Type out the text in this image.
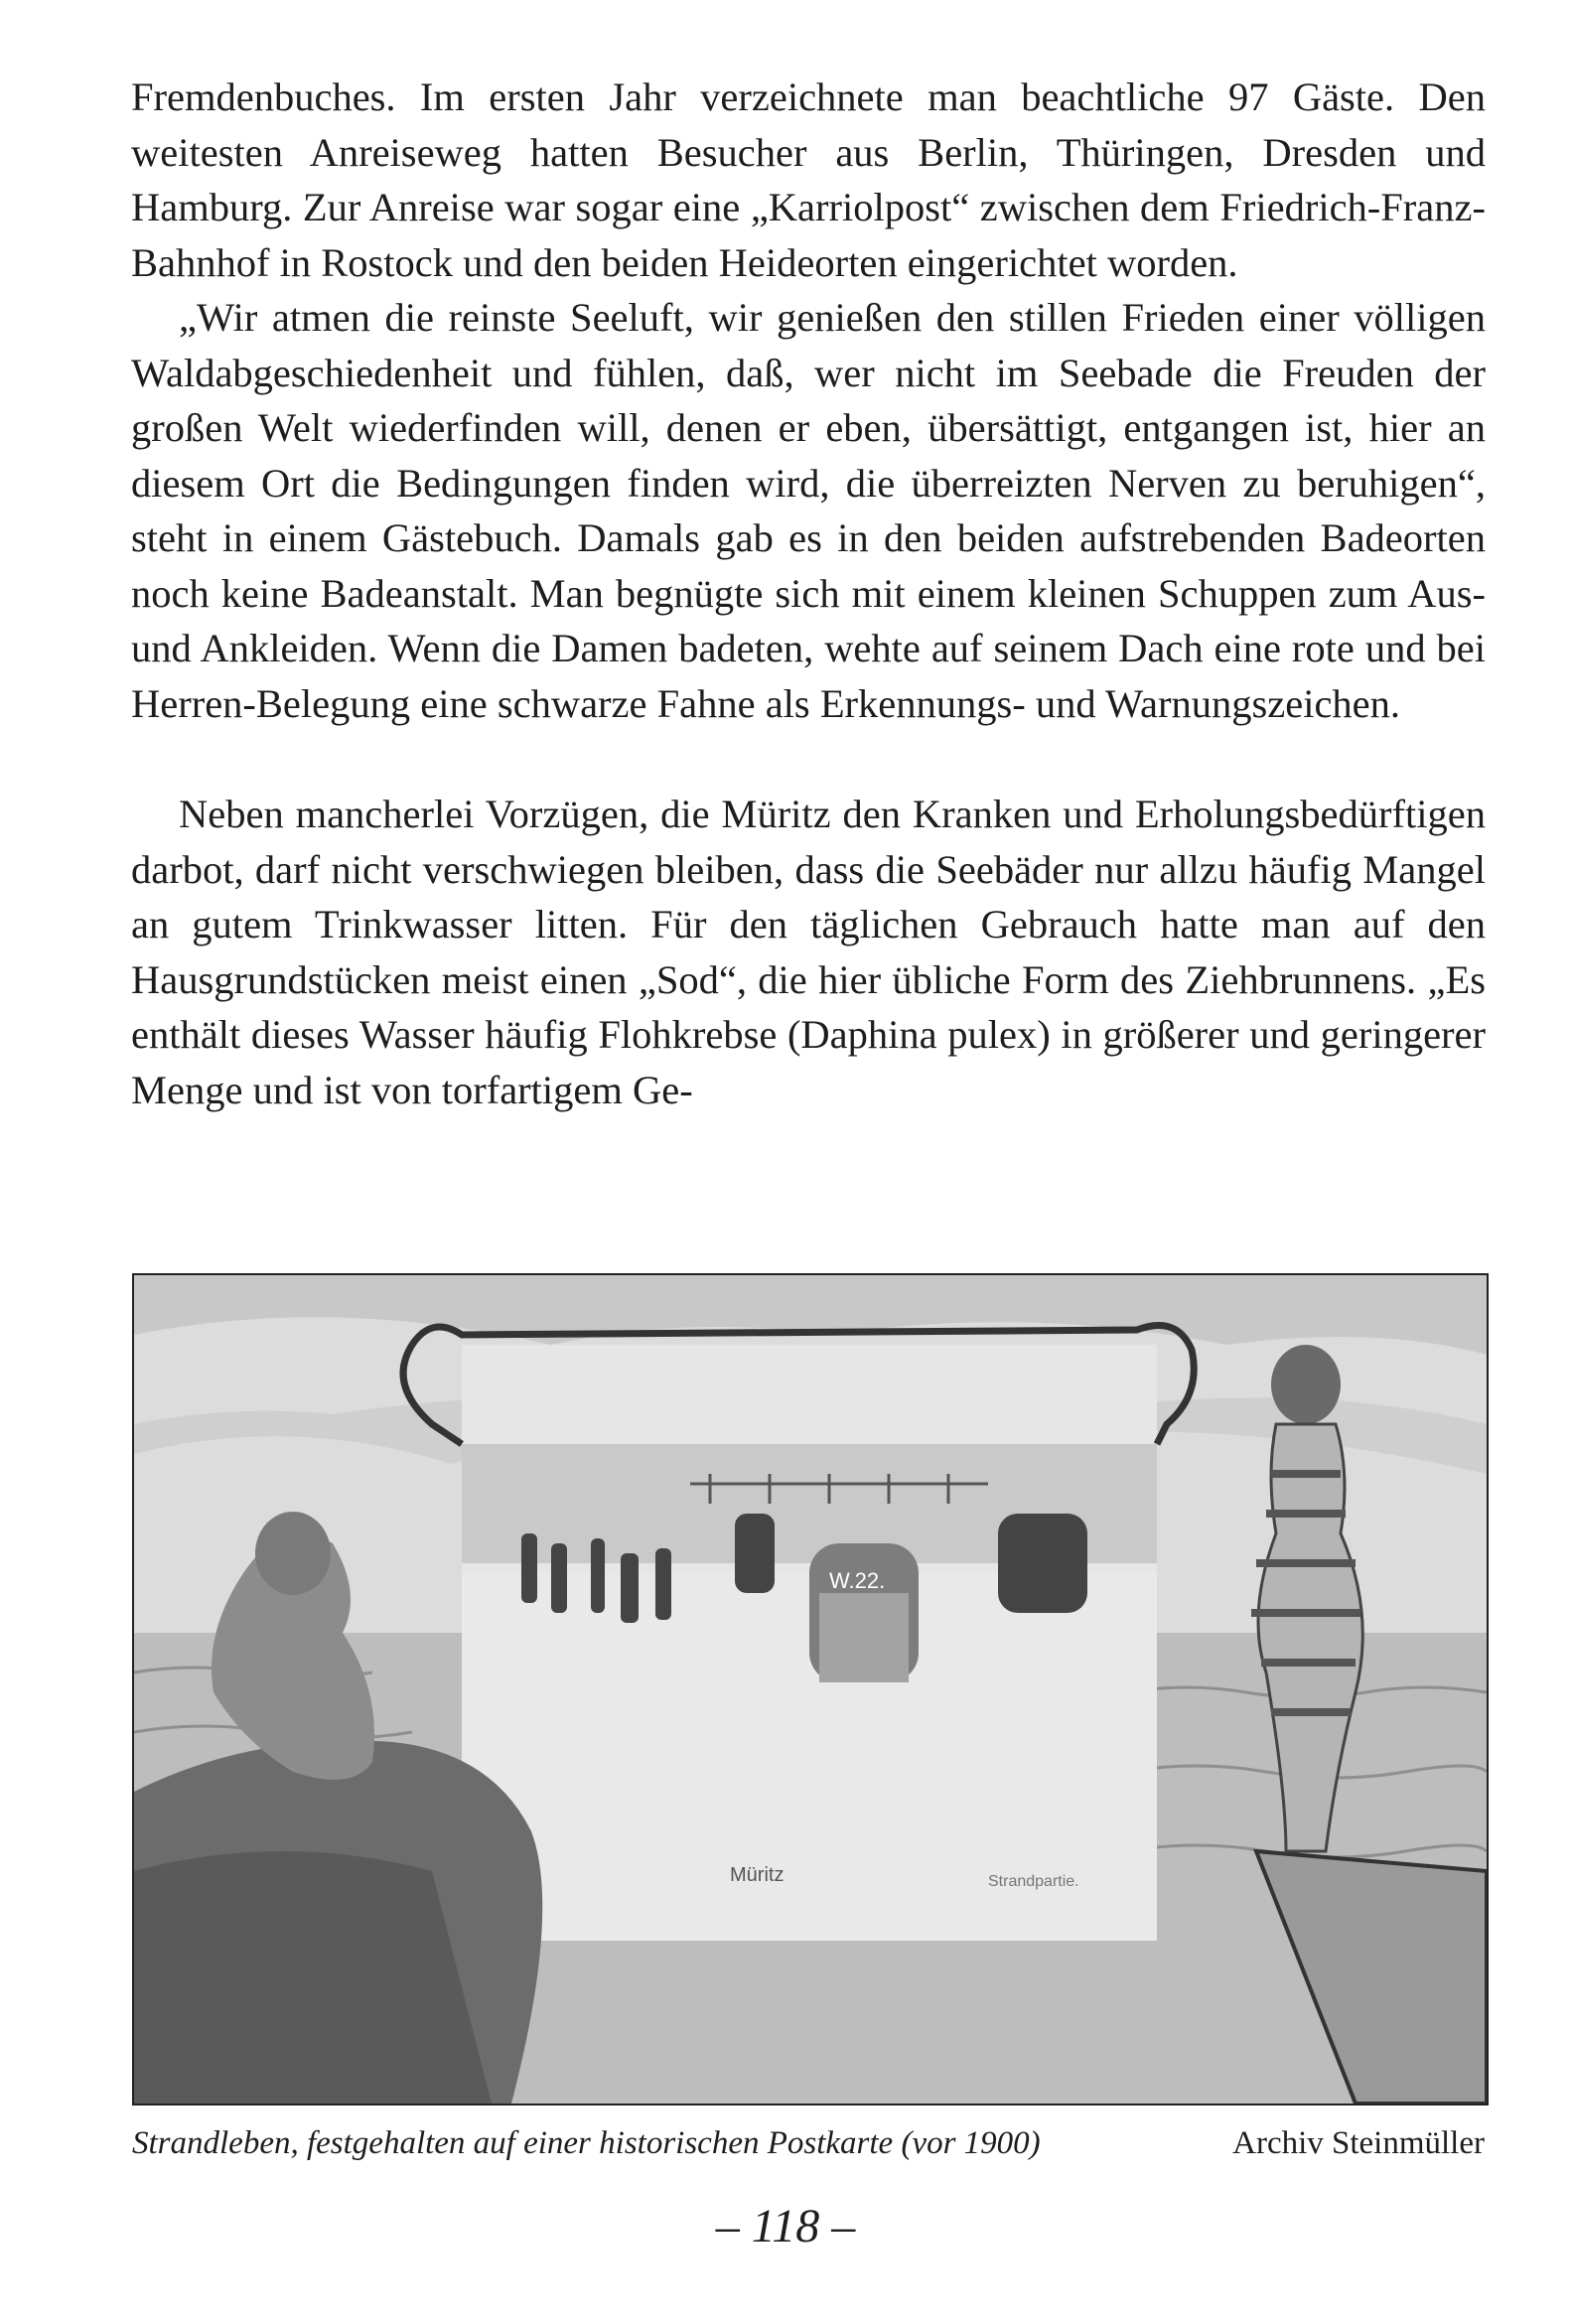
Fremdenbuches. Im ersten Jahr verzeichnete man beachtliche 97 Gäste. Den weitesten Anreiseweg hatten Besucher aus Berlin, Thüringen, Dresden und Hamburg. Zur Anreise war sogar eine „Karriolpost“ zwischen dem Friedrich-Franz-Bahnhof in Rostock und den beiden Heideorten eingerichtet worden.

„Wir atmen die reinste Seeluft, wir genießen den stillen Frieden einer völligen Waldabgeschiedenheit und fühlen, daß, wer nicht im Seebade die Freuden der großen Welt wiederfinden will, denen er eben, übersättigt, entgangen ist, hier an diesem Ort die Bedingungen finden wird, die überreizten Nerven zu beruhigen“, steht in einem Gästebuch. Damals gab es in den beiden aufstrebenden Badeorten noch keine Badeanstalt. Man begnügte sich mit einem kleinen Schuppen zum Aus- und Ankleiden. Wenn die Damen badeten, wehte auf seinem Dach eine rote und bei Herren-Belegung eine schwarze Fahne als Erkennungs- und Warnungszeichen.

Neben mancherlei Vorzügen, die Müritz den Kranken und Erholungsbedürftigen darbot, darf nicht verschwiegen bleiben, dass die Seebäder nur allzu häufig Mangel an gutem Trinkwasser litten. Für den täglichen Gebrauch hatte man auf den Hausgrundstücken meist einen „Sod“, die hier übliche Form des Ziehbrunnens. „Es enthält dieses Wasser häufig Flohkrebse (Daphina pulex) in größerer und geringerer Menge und ist von torfartigem Ge-

W.22.
Müritz	Strandpartie.
Strandleben, festgehalten auf einer historischen Postkarte (vor 1900)	Archiv Steinmüller
– 118 –
